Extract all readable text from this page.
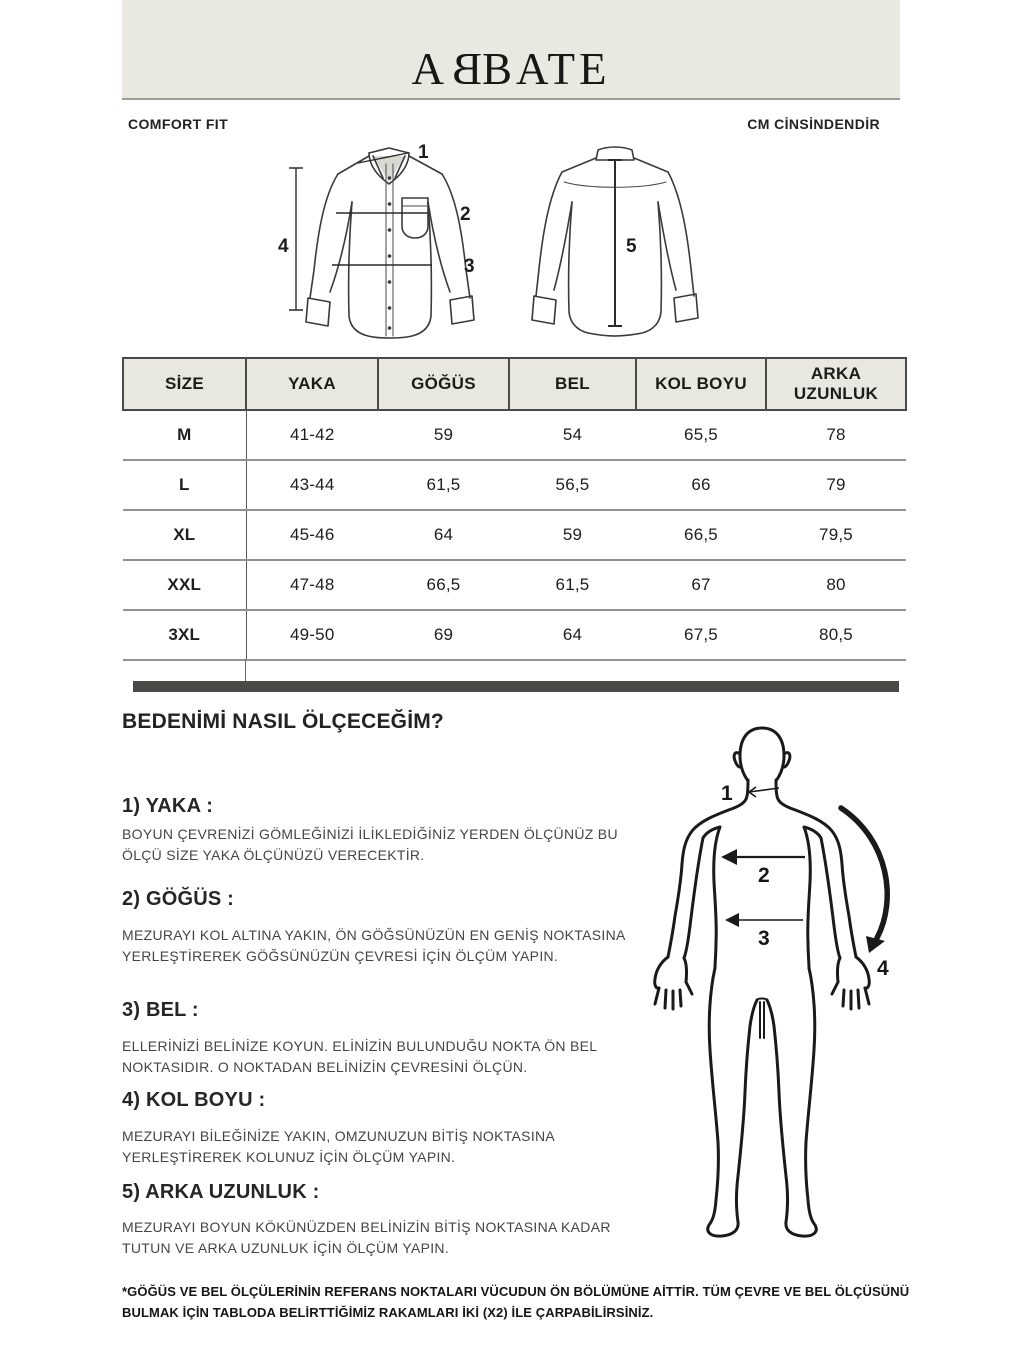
ABBATE
COMFORT FIT	CM CİNSİNDENDİR
1
2
3
4	5
SİZE	YAKA	GÖĞÜS	BEL	KOL BOYU	ARKA UZUNLUK
M	41-42	59	54	65,5	78
L	43-44	61,5	56,5	66	79
XL	45-46	64	59	66,5	79,5
XXL	47-48	66,5	61,5	67	80
3XL	49-50	69	64	67,5	80,5
BEDENİMİ NASIL ÖLÇECEĞİM?
1) YAKA :
BOYUN ÇEVRENİZİ GÖMLEĞİNİZİ İLİKLEDİĞİNİZ YERDEN ÖLÇÜNÜZ BU ÖLÇÜ SİZE YAKA ÖLÇÜNÜZÜ VERECEKTİR.
2) GÖĞÜS :
MEZURAYI KOL ALTINA YAKIN, ÖN GÖĞSÜNÜZÜN EN GENİŞ NOKTASINA YERLEŞTİREREK GÖĞSÜNÜZÜN ÇEVRESİ İÇİN ÖLÇÜM YAPIN.
3) BEL :
ELLERİNİZİ BELİNİZE KOYUN. ELİNİZİN BULUNDUĞU NOKTA ÖN BEL NOKTASIDIR. O NOKTADAN BELİNİZİN ÇEVRESİNİ ÖLÇÜN.
4) KOL BOYU :
MEZURAYI BİLEĞİNİZE YAKIN, OMZUNUZUN BİTİŞ NOKTASINA YERLEŞTİREREK KOLUNUZ İÇİN ÖLÇÜM YAPIN.
5) ARKA UZUNLUK :
MEZURAYI BOYUN KÖKÜNÜZDEN BELİNİZİN BİTİŞ NOKTASINA KADAR TUTUN VE ARKA UZUNLUK İÇİN ÖLÇÜM YAPIN.
1
2
3
4
*GÖĞÜS VE BEL ÖLÇÜLERİNİN REFERANS NOKTALARI VÜCUDUN ÖN BÖLÜMÜNE AİTTİR. TÜM ÇEVRE VE BEL ÖLÇÜSÜNÜ BULMAK İÇİN TABLODA BELİRTTİĞİMİZ RAKAMLARI İKİ (X2) İLE ÇARPABİLİRSİNİZ.
